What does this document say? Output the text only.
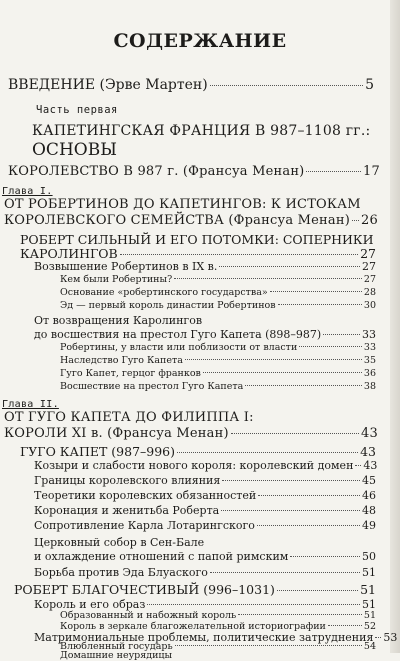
СОДЕРЖАНИЕ
ВВЕДЕНИЕ (Эрве Мартен)	5
Часть первая
КАПЕТИНГСКАЯ ФРАНЦИЯ В 987–1108 гг.:
ОСНОВЫ
КОРОЛЕВСТВО В 987 г. (Франсуа Менан)	17
Глава I.
ОТ РОБЕРТИНОВ ДО КАПЕТИНГОВ: К ИСТОКАМ
КОРОЛЕВСКОГО СЕМЕЙСТВА (Франсуа Менан) 26
РОБЕРТ СИЛЬНЫЙ И ЕГО ПОТОМКИ: СОПЕРНИКИ
КАРОЛИНГОВ	27
Возвышение Робертинов в IX в.	27
Кем были Робертины?	27
Основание «робертинского государства»	28
Эд — первый король династии Робертинов	30
От возвращения Каролингов
до восшествия на престол Гуго Капета (898–987)	33
Робертины, у власти или поблизости от власти	33
Наследство Гуго Капета	35
Гуго Капет, герцог франков	36
Восшествие на престол Гуго Капета	38
Глава II.
ОТ ГУГО КАПЕТА ДО ФИЛИППА I:
КОРОЛИ XI в. (Франсуа Менан)	43
ГУГО КАПЕТ (987–996)	43
Козыри и слабости нового короля: королевский домен 43
Границы королевского влияния	45
Теоретики королевских обязанностей	46
Коронация и женитьба Роберта	48
Сопротивление Карла Лотарингского	49
Церковный собор в Сен-Бале
и охлаждение отношений с папой римским	50
Борьба против Эда Блуаского	51
РОБЕРТ БЛАГОЧЕСТИВЫЙ (996–1031)	51
Король и его образ	51
Образованный и набожный король	51
Король в зеркале благожелательной историографии	52
Матримониальные проблемы, политические затруднения 53
Влюбленный государь	54
Домашние неурядицы
